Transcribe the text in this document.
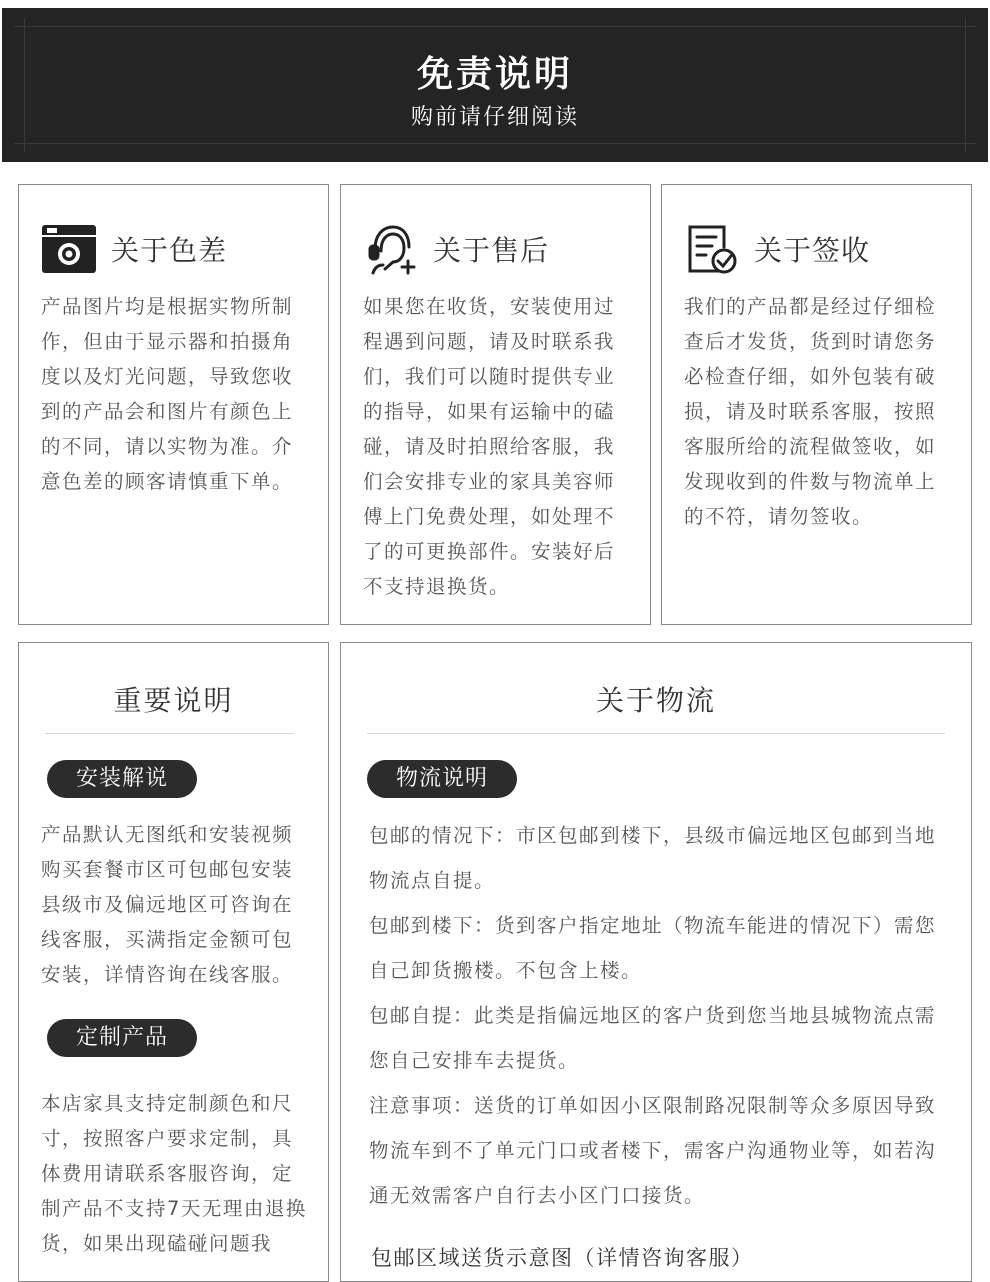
免责说明
购前请仔细阅读
关于色差
产品图片均是根据实物所制作，但由于显示器和拍摄角度以及灯光问题，导致您收到的产品会和图片有颜色上的不同，请以实物为准。介意色差的顾客请慎重下单。
关于售后
如果您在收货，安装使用过程遇到问题，请及时联系我们，我们可以随时提供专业的指导，如果有运输中的磕碰，请及时拍照给客服，我们会安排专业的家具美容师傅上门免费处理，如处理不了的可更换部件。安装好后不支持退换货。
关于签收
我们的产品都是经过仔细检查后才发货，货到时请您务必检查仔细，如外包装有破损，请及时联系客服，按照客服所给的流程做签收，如发现收到的件数与物流单上的不符，请勿签收。
重要说明
安装解说
产品默认无图纸和安装视频购买套餐市区可包邮包安装县级市及偏远地区可咨询在线客服，买满指定金额可包安装，详情咨询在线客服。
定制产品
本店家具支持定制颜色和尺寸，按照客户要求定制，具体费用请联系客服咨询，定制产品不支持7天无理由退换货，如果出现磕碰问题我
关于物流
物流说明
包邮的情况下：市区包邮到楼下，县级市偏远地区包邮到当地物流点自提。
包邮到楼下：货到客户指定地址（物流车能进的情况下）需您自己卸货搬楼。不包含上楼。
包邮自提：此类是指偏远地区的客户货到您当地县城物流点需您自己安排车去提货。
注意事项：送货的订单如因小区限制路况限制等众多原因导致物流车到不了单元门口或者楼下，需客户沟通物业等，如若沟通无效需客户自行去小区门口接货。
包邮区域送货示意图（详情咨询客服）
